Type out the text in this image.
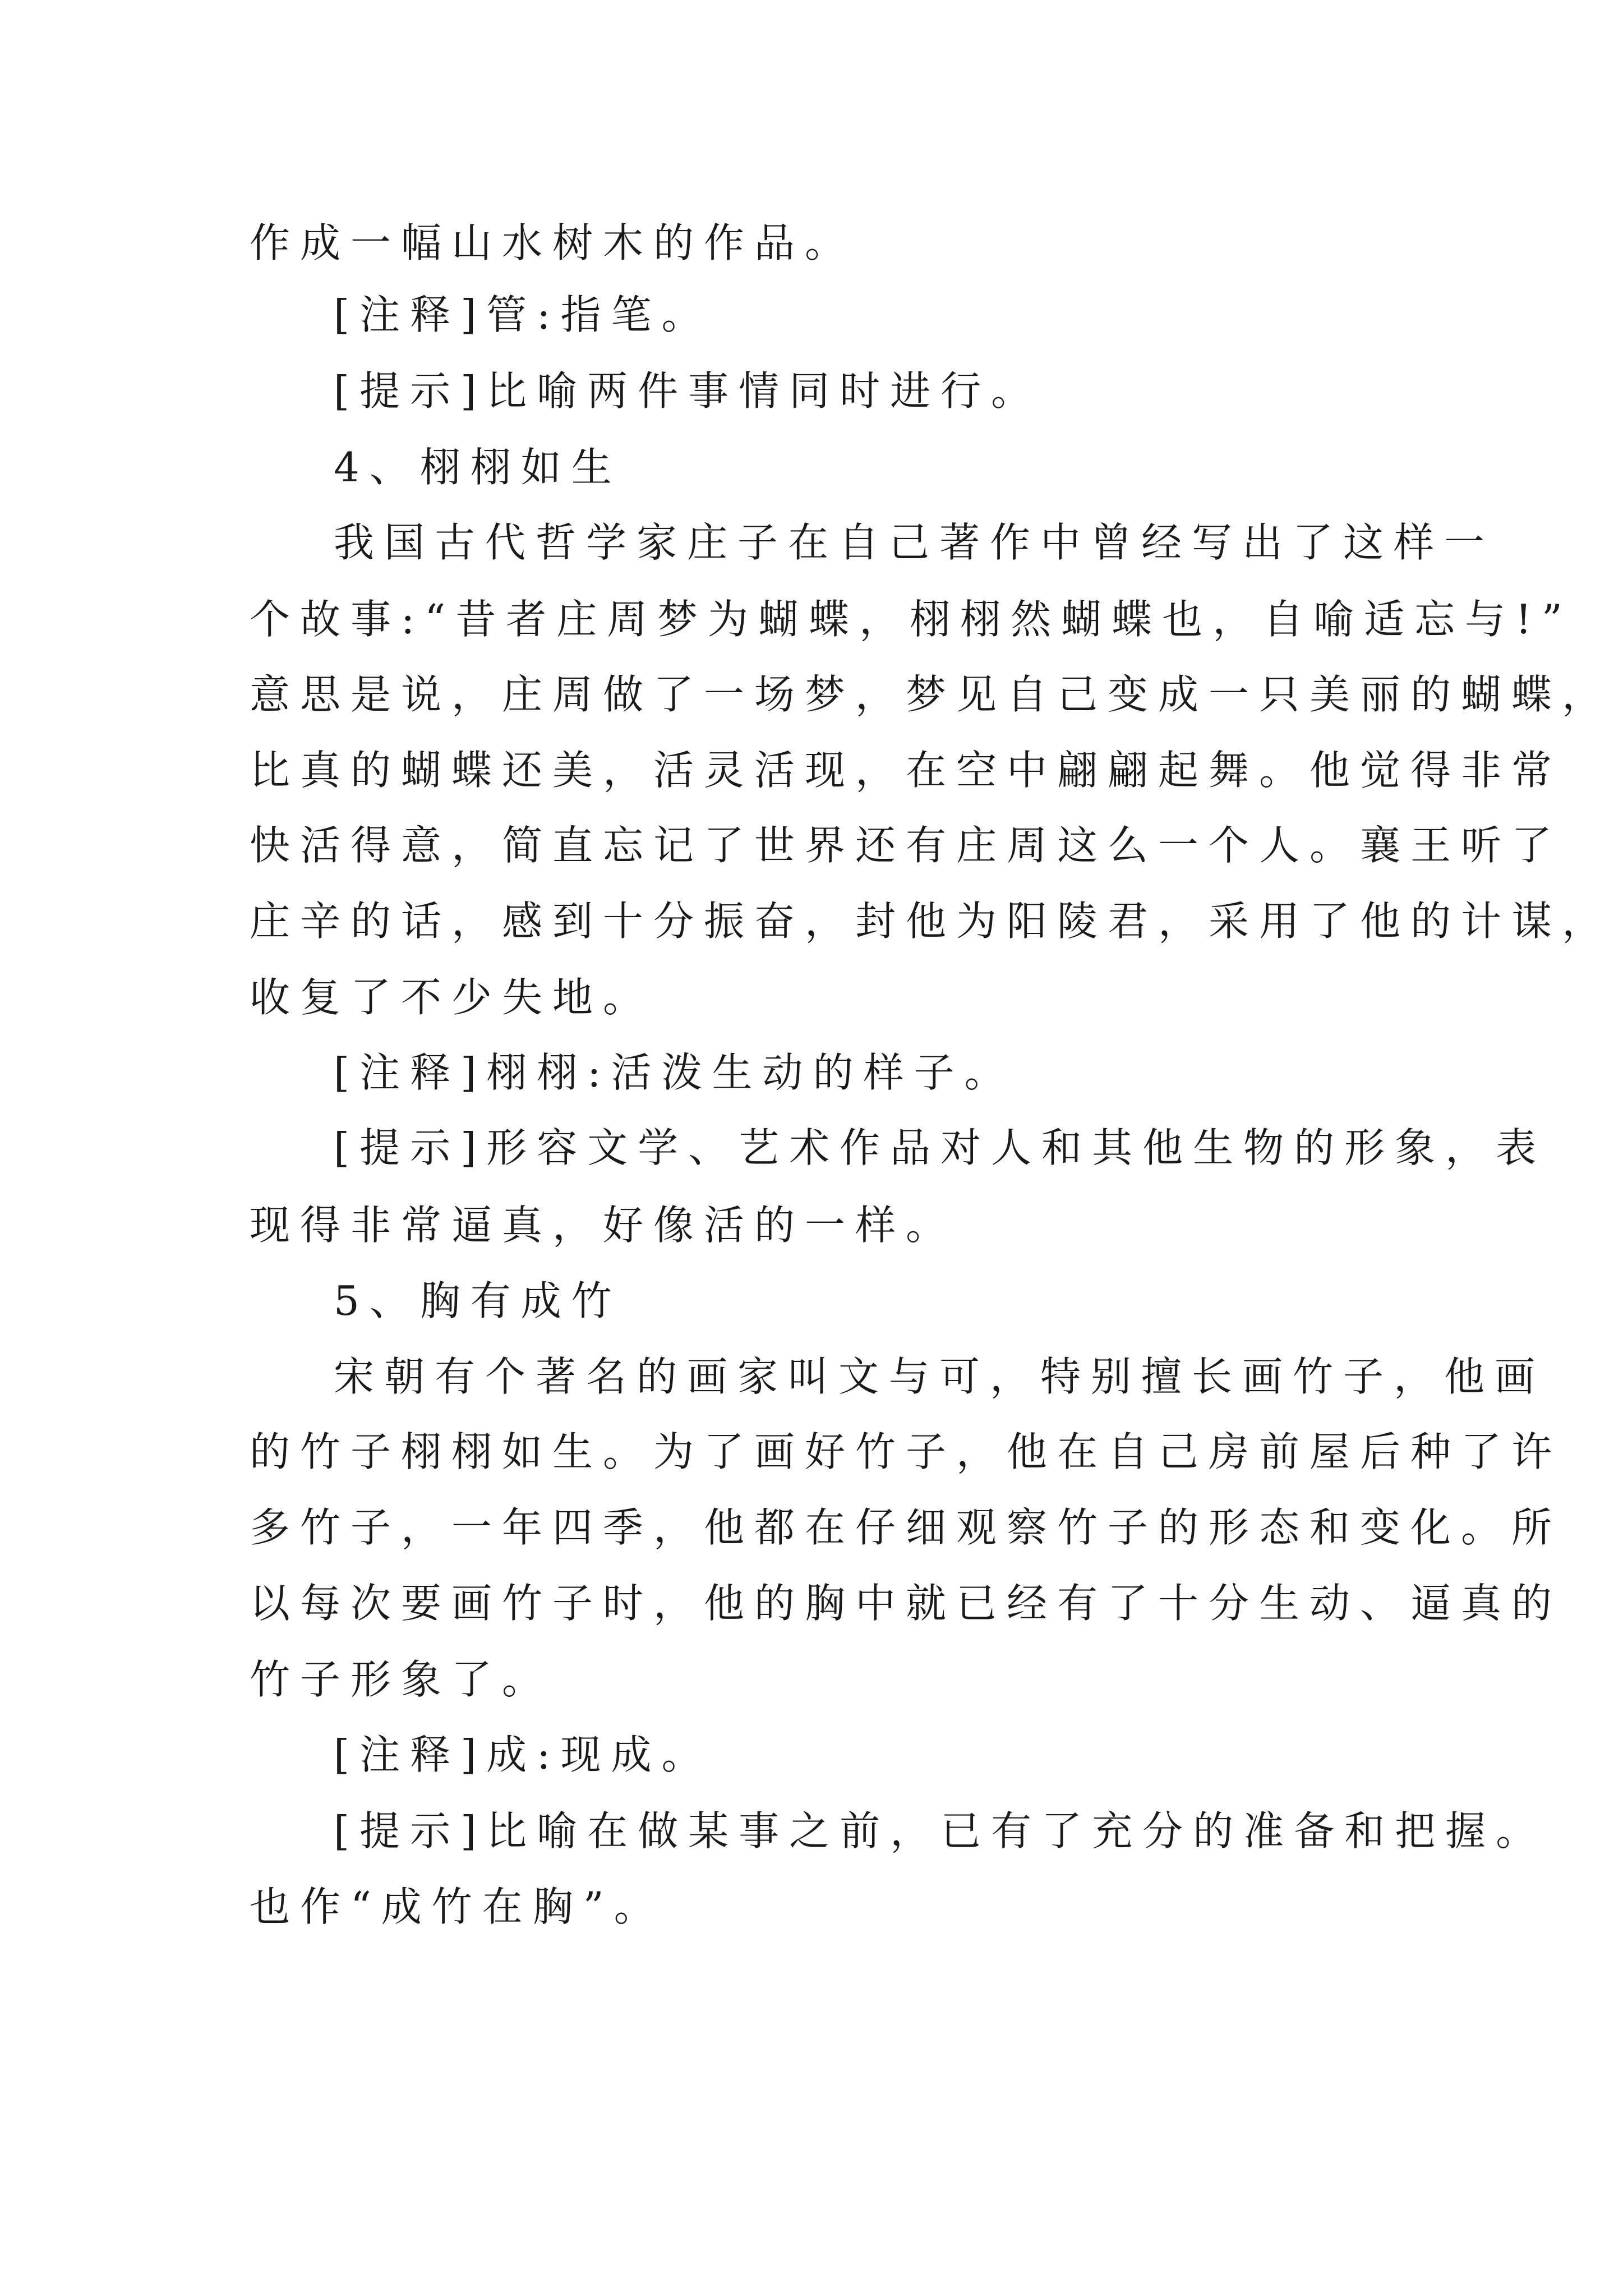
作成一幅山水树木的作品。
[注释]管:指笔。
[提示]比喻两件事情同时进行。
4、栩栩如生
我国古代哲学家庄子在自己著作中曾经写出了这样一
个故事:“昔者庄周梦为蝴蝶，栩栩然蝴蝶也，自喻适忘与!”
意思是说，庄周做了一场梦，梦见自己变成一只美丽的蝴蝶，
比真的蝴蝶还美，活灵活现，在空中翩翩起舞。他觉得非常
快活得意，简直忘记了世界还有庄周这么一个人。襄王听了
庄辛的话，感到十分振奋，封他为阳陵君，采用了他的计谋，
收复了不少失地。
[注释]栩栩:活泼生动的样子。
[提示]形容文学、艺术作品对人和其他生物的形象，表
现得非常逼真，好像活的一样。
5、胸有成竹
宋朝有个著名的画家叫文与可，特别擅长画竹子，他画
的竹子栩栩如生。为了画好竹子，他在自己房前屋后种了许
多竹子，一年四季，他都在仔细观察竹子的形态和变化。所
以每次要画竹子时，他的胸中就已经有了十分生动、逼真的
竹子形象了。
[注释]成:现成。
[提示]比喻在做某事之前，已有了充分的准备和把握。
也作“成竹在胸”。
